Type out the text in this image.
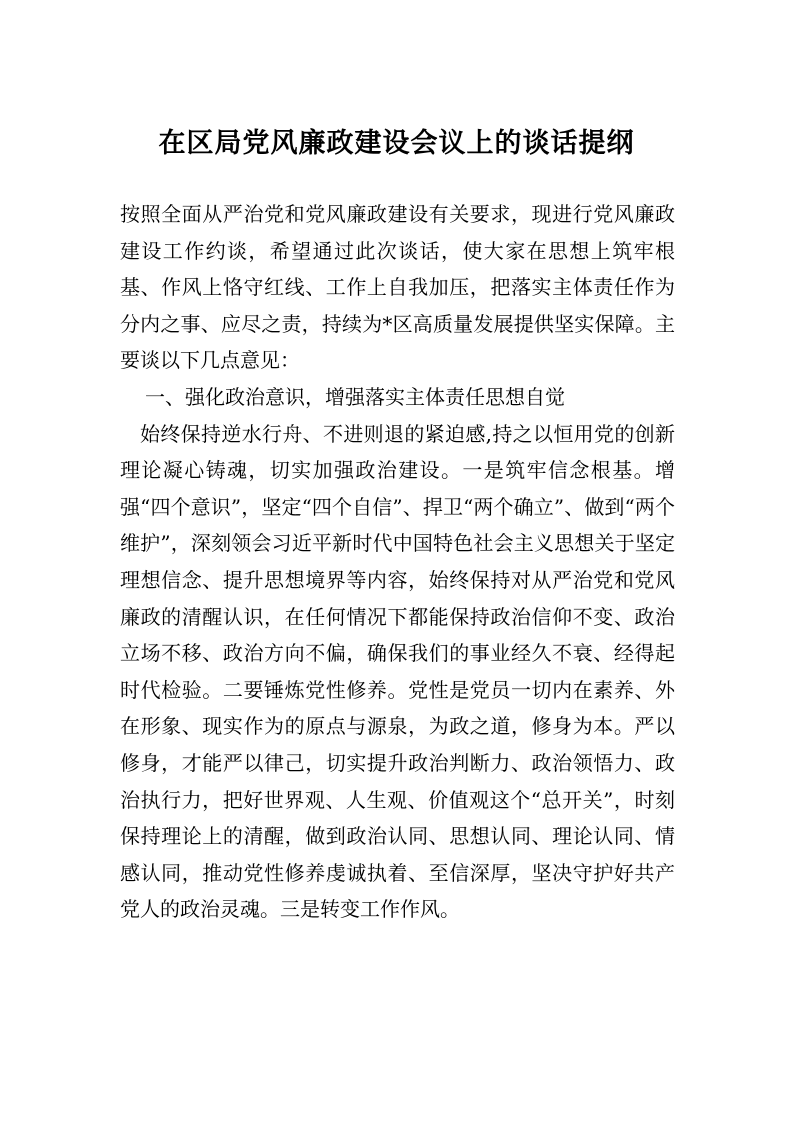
在区局党风廉政建设会议上的谈话提纲

按照全面从严治党和党风廉政建设有关要求，现进行党风廉政建设工作约谈，希望通过此次谈话，使大家在思想上筑牢根基、作风上恪守红线、工作上自我加压，把落实主体责任作为分内之事、应尽之责，持续为*区高质量发展提供坚实保障。主要谈以下几点意见：

一、强化政治意识，增强落实主体责任思想自觉

始终保持逆水行舟、不进则退的紧迫感,持之以恒用党的创新理论凝心铸魂，切实加强政治建设。一是筑牢信念根基。增强“四个意识”，坚定“四个自信”、捍卫“两个确立”、做到“两个维护”，深刻领会习近平新时代中国特色社会主义思想关于坚定理想信念、提升思想境界等内容，始终保持对从严治党和党风廉政的清醒认识，在任何情况下都能保持政治信仰不变、政治立场不移、政治方向不偏，确保我们的事业经久不衰、经得起时代检验。二要锤炼党性修养。党性是党员一切内在素养、外在形象、现实作为的原点与源泉，为政之道，修身为本。严以修身，才能严以律己，切实提升政治判断力、政治领悟力、政治执行力，把好世界观、人生观、价值观这个“总开关”，时刻保持理论上的清醒，做到政治认同、思想认同、理论认同、情感认同，推动党性修养虔诚执着、至信深厚，坚决守护好共产党人的政治灵魂。三是转变工作作风。
